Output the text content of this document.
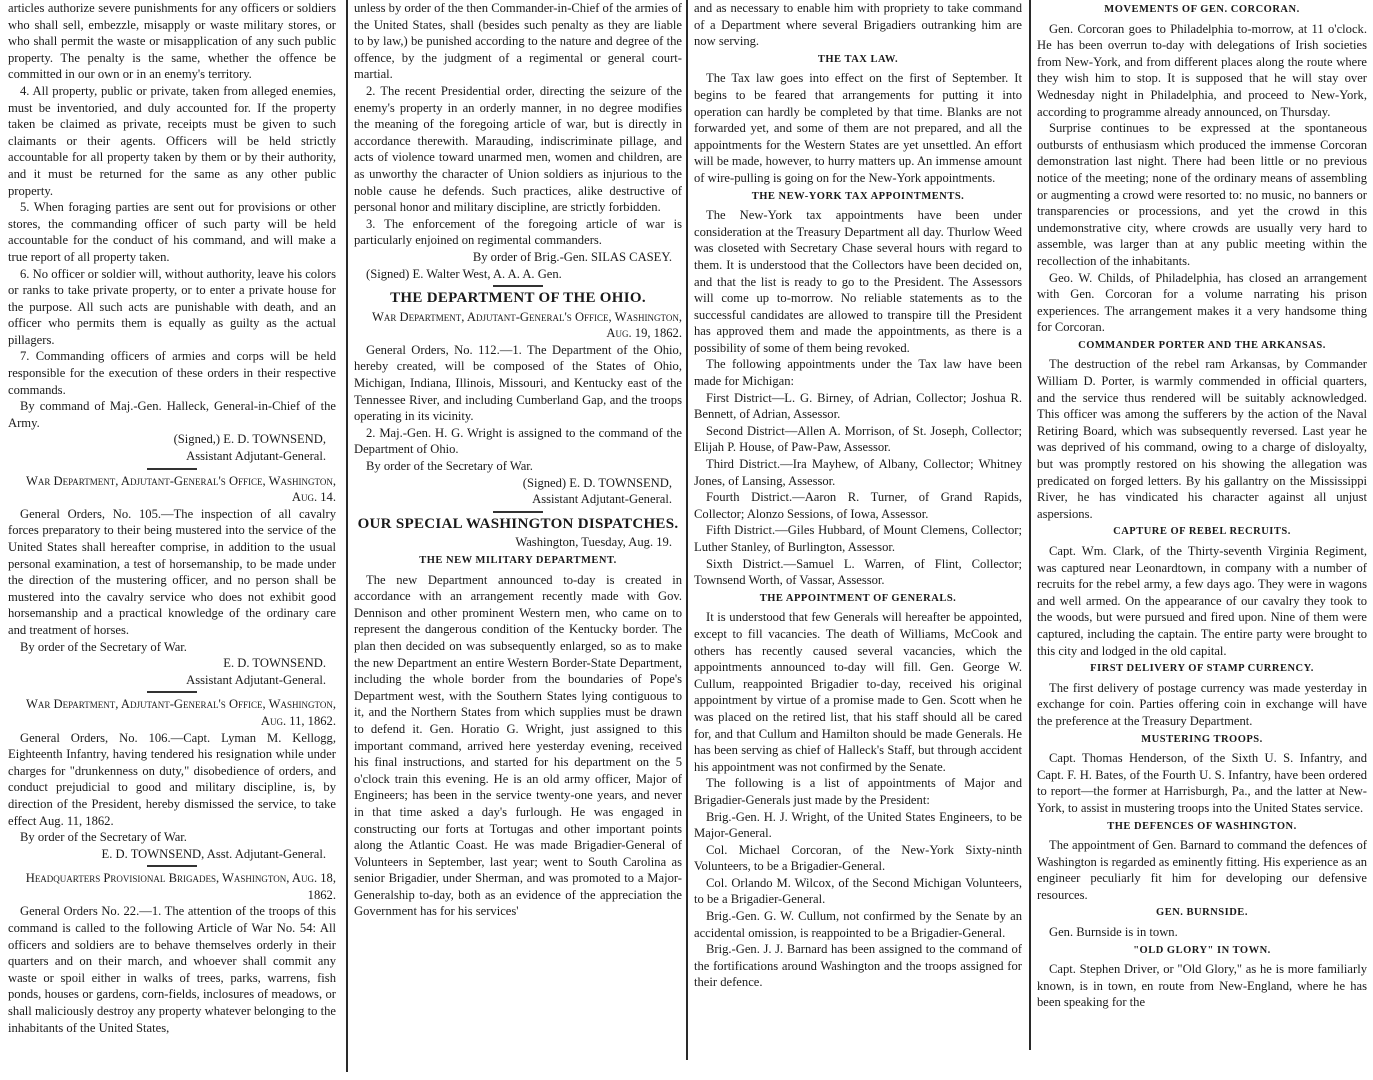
articles authorize severe punishments for any officers or soldiers who shall sell, embezzle, misapply or waste military stores, or who shall permit the waste or misapplication of any such public property. The penalty is the same, whether the offence be committed in our own or in an enemy's territory.

4. All property, public or private, taken from alleged enemies, must be inventoried, and duly accounted for. If the property taken be claimed as private, receipts must be given to such claimants or their agents. Officers will be held strictly accountable for all property taken by them or by their authority, and it must be returned for the same as any other public property.

5. When foraging parties are sent out for provisions or other stores, the commanding officer of such party will be held accountable for the conduct of his command, and will make a true report of all property taken.

6. No officer or soldier will, without authority, leave his colors or ranks to take private property, or to enter a private house for the purpose. All such acts are punishable with death, and an officer who permits them is equally as guilty as the actual pillagers.

7. Commanding officers of armies and corps will be held responsible for the execution of these orders in their respective commands.

By command of Maj.-Gen. Halleck, General-in-Chief of the Army.

(Signed,) E. D. TOWNSEND,

Assistant Adjutant-General.

War Department, Adjutant-General's Office, Washington, Aug. 14.

General Orders, No. 105.—The inspection of all cavalry forces preparatory to their being mustered into the service of the United States shall hereafter comprise, in addition to the usual personal examination, a test of horsemanship, to be made under the direction of the mustering officer, and no person shall be mustered into the cavalry service who does not exhibit good horsemanship and a practical knowledge of the ordinary care and treatment of horses.

By order of the Secretary of War.

E. D. TOWNSEND.

Assistant Adjutant-General.

War Department, Adjutant-General's Office, Washington, Aug. 11, 1862.

General Orders, No. 106.—Capt. Lyman M. Kellogg, Eighteenth Infantry, having tendered his resignation while under charges for "drunkenness on duty," disobedience of orders, and conduct prejudicial to good and military discipline, is, by direction of the President, hereby dismissed the service, to take effect Aug. 11, 1862.

By order of the Secretary of War.

E. D. TOWNSEND, Asst. Adjutant-General.

Headquarters Provisional Brigades, Washington, Aug. 18, 1862.

General Orders No. 22.—1. The attention of the troops of this command is called to the following Article of War No. 54: All officers and soldiers are to behave themselves orderly in their quarters and on their march, and whoever shall commit any waste or spoil either in walks of trees, parks, warrens, fish ponds, houses or gardens, corn-fields, inclosures of meadows, or shall maliciously destroy any property whatever belonging to the inhabitants of the United States,

unless by order of the then Commander-in-Chief of the armies of the United States, shall (besides such penalty as they are liable to by law,) be punished according to the nature and degree of the offence, by the judgment of a regimental or general court-martial.

2. The recent Presidential order, directing the seizure of the enemy's property in an orderly manner, in no degree modifies the meaning of the foregoing article of war, but is directly in accordance therewith. Marauding, indiscriminate pillage, and acts of violence toward unarmed men, women and children, are as unworthy the character of Union soldiers as injurious to the noble cause he defends. Such practices, alike destructive of personal honor and military discipline, are strictly forbidden.

3. The enforcement of the foregoing article of war is particularly enjoined on regimental commanders.

By order of Brig.-Gen. SILAS CASEY.

(Signed) E. Walter West, A. A. A. Gen.

THE DEPARTMENT OF THE OHIO.

War Department, Adjutant-General's Office, Washington, Aug. 19, 1862.

General Orders, No. 112.—1. The Department of the Ohio, hereby created, will be composed of the States of Ohio, Michigan, Indiana, Illinois, Missouri, and Kentucky east of the Tennessee River, and including Cumberland Gap, and the troops operating in its vicinity.

2. Maj.-Gen. H. G. Wright is assigned to the command of the Department of Ohio.

By order of the Secretary of War.

(Signed) E. D. TOWNSEND,

Assistant Adjutant-General.

OUR SPECIAL WASHINGTON DISPATCHES.

Washington, Tuesday, Aug. 19.

THE NEW MILITARY DEPARTMENT.

The new Department announced to-day is created in accordance with an arrangement recently made with Gov. Dennison and other prominent Western men, who came on to represent the dangerous condition of the Kentucky border. The plan then decided on was subsequently enlarged, so as to make the new Department an entire Western Border-State Department, including the whole border from the boundaries of Pope's Department west, with the Southern States lying contiguous to it, and the Northern States from which supplies must be drawn to defend it. Gen. Horatio G. Wright, just assigned to this important command, arrived here yesterday evening, received his final instructions, and started for his department on the 5 o'clock train this evening. He is an old army officer, Major of Engineers; has been in the service twenty-one years, and never in that time asked a day's furlough. He was engaged in constructing our forts at Tortugas and other important points along the Atlantic Coast. He was made Brigadier-General of Volunteers in September, last year; went to South Carolina as senior Brigadier, under Sherman, and was promoted to a Major-Generalship to-day, both as an evidence of the appreciation the Government has for his services'

and as necessary to enable him with propriety to take command of a Department where several Brigadiers outranking him are now serving.

THE TAX LAW.

The Tax law goes into effect on the first of September. It begins to be feared that arrangements for putting it into operation can hardly be completed by that time. Blanks are not forwarded yet, and some of them are not prepared, and all the appointments for the Western States are yet unsettled. An effort will be made, however, to hurry matters up. An immense amount of wire-pulling is going on for the New-York appointments.

THE NEW-YORK TAX APPOINTMENTS.

The New-York tax appointments have been under consideration at the Treasury Department all day. Thurlow Weed was closeted with Secretary Chase several hours with regard to them. It is understood that the Collectors have been decided on, and that the list is ready to go to the President. The Assessors will come up to-morrow. No reliable statements as to the successful candidates are allowed to transpire till the President has approved them and made the appointments, as there is a possibility of some of them being revoked.

The following appointments under the Tax law have been made for Michigan:

First District—L. G. Birney, of Adrian, Collector; Joshua R. Bennett, of Adrian, Assessor.

Second District—Allen A. Morrison, of St. Joseph, Collector; Elijah P. House, of Paw-Paw, Assessor.

Third District.—Ira Mayhew, of Albany, Collector; Whitney Jones, of Lansing, Assessor.

Fourth District.—Aaron R. Turner, of Grand Rapids, Collector; Alonzo Sessions, of Iowa, Assessor.

Fifth District.—Giles Hubbard, of Mount Clemens, Collector; Luther Stanley, of Burlington, Assessor.

Sixth District.—Samuel L. Warren, of Flint, Collector; Townsend Worth, of Vassar, Assessor.

THE APPOINTMENT OF GENERALS.

It is understood that few Generals will hereafter be appointed, except to fill vacancies. The death of Williams, McCook and others has recently caused several vacancies, which the appointments announced to-day will fill. Gen. George W. Cullum, reappointed Brigadier to-day, received his original appointment by virtue of a promise made to Gen. Scott when he was placed on the retired list, that his staff should all be cared for, and that Cullum and Hamilton should be made Generals. He has been serving as chief of Halleck's Staff, but through accident his appointment was not confirmed by the Senate.

The following is a list of appointments of Major and Brigadier-Generals just made by the President:

Brig.-Gen. H. J. Wright, of the United States Engineers, to be Major-General.

Col. Michael Corcoran, of the New-York Sixty-ninth Volunteers, to be a Brigadier-General.

Col. Orlando M. Wilcox, of the Second Michigan Volunteers, to be a Brigadier-General.

Brig.-Gen. G. W. Cullum, not confirmed by the Senate by an accidental omission, is reappointed to be a Brigadier-General.

Brig.-Gen. J. J. Barnard has been assigned to the command of the fortifications around Washington and the troops assigned for their defence.

MOVEMENTS OF GEN. CORCORAN.

Gen. Corcoran goes to Philadelphia to-morrow, at 11 o'clock. He has been overrun to-day with delegations of Irish societies from New-York, and from different places along the route where they wish him to stop. It is supposed that he will stay over Wednesday night in Philadelphia, and proceed to New-York, according to programme already announced, on Thursday.

Surprise continues to be expressed at the spontaneous outbursts of enthusiasm which produced the immense Corcoran demonstration last night. There had been little or no previous notice of the meeting; none of the ordinary means of assembling or augmenting a crowd were resorted to: no music, no banners or transparencies or processions, and yet the crowd in this undemonstrative city, where crowds are usually very hard to assemble, was larger than at any public meeting within the recollection of the inhabitants.

Geo. W. Childs, of Philadelphia, has closed an arrangement with Gen. Corcoran for a volume narrating his prison experiences. The arrangement makes it a very handsome thing for Corcoran.

COMMANDER PORTER AND THE ARKANSAS.

The destruction of the rebel ram Arkansas, by Commander William D. Porter, is warmly commended in official quarters, and the service thus rendered will be suitably acknowledged. This officer was among the sufferers by the action of the Naval Retiring Board, which was subsequently reversed. Last year he was deprived of his command, owing to a charge of disloyalty, but was promptly restored on his showing the allegation was predicated on forged letters. By his gallantry on the Mississippi River, he has vindicated his character against all unjust aspersions.

CAPTURE OF REBEL RECRUITS.

Capt. Wm. Clark, of the Thirty-seventh Virginia Regiment, was captured near Leonardtown, in company with a number of recruits for the rebel army, a few days ago. They were in wagons and well armed. On the appearance of our cavalry they took to the woods, but were pursued and fired upon. Nine of them were captured, including the captain. The entire party were brought to this city and lodged in the old capital.

FIRST DELIVERY OF STAMP CURRENCY.

The first delivery of postage currency was made yesterday in exchange for coin. Parties offering coin in exchange will have the preference at the Treasury Department.

MUSTERING TROOPS.

Capt. Thomas Henderson, of the Sixth U. S. Infantry, and Capt. F. H. Bates, of the Fourth U. S. Infantry, have been ordered to report—the former at Harrisburgh, Pa., and the latter at New-York, to assist in mustering troops into the United States service.

THE DEFENCES OF WASHINGTON.

The appointment of Gen. Barnard to command the defences of Washington is regarded as eminently fitting. His experience as an engineer peculiarly fit him for developing our defensive resources.

GEN. BURNSIDE.

Gen. Burnside is in town.

"OLD GLORY" IN TOWN.

Capt. Stephen Driver, or "Old Glory," as he is more familiarly known, is in town, en route from New-England, where he has been speaking for the
